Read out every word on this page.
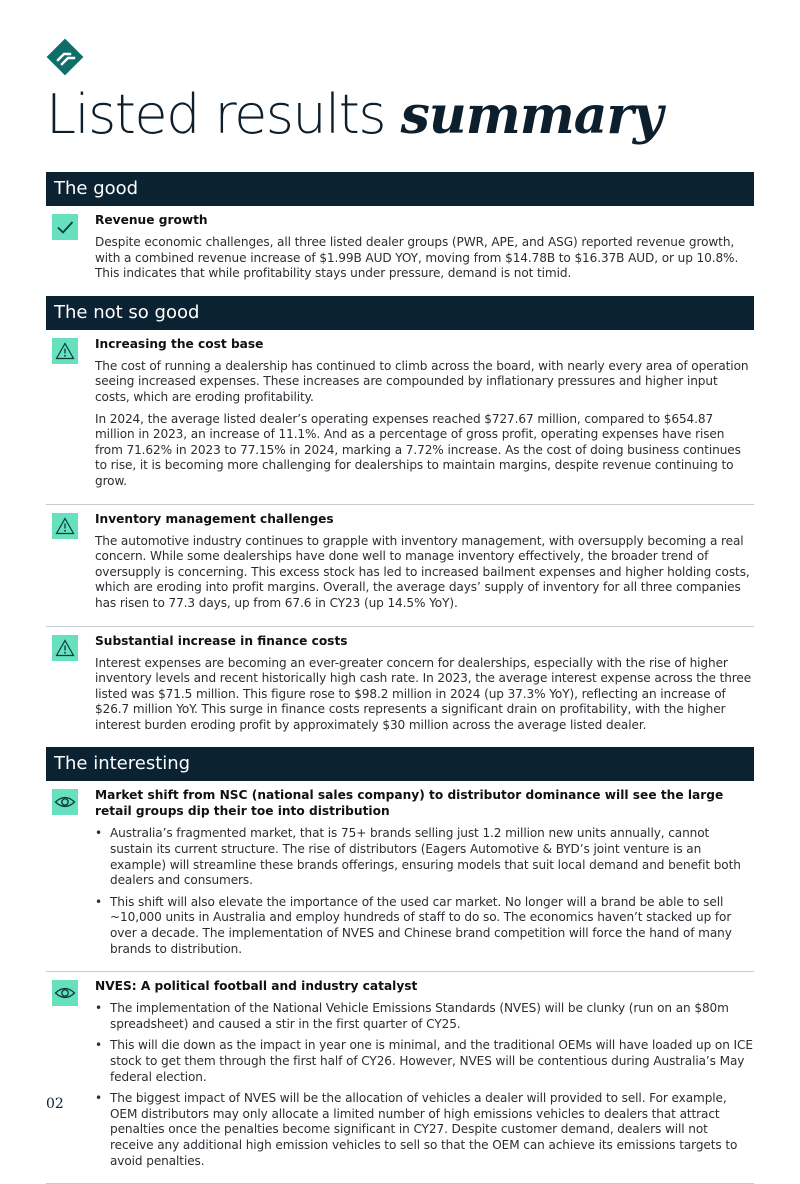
Listed results summary
The good
Revenue growth

Despite economic challenges, all three listed dealer groups (PWR, APE, and ASG) reported revenue growth, with a combined revenue increase of $1.99B AUD YOY, moving from $14.78B to $16.37B AUD, or up 10.8%. This indicates that while profitability stays under pressure, demand is not timid.

The not so good
Increasing the cost base

The cost of running a dealership has continued to climb across the board, with nearly every area of operation seeing increased expenses. These increases are compounded by inflationary pressures and higher input costs, which are eroding profitability.

In 2024, the average listed dealer’s operating expenses reached $727.67 million, compared to $654.87 million in 2023, an increase of 11.1%. And as a percentage of gross profit, operating expenses have risen from 71.62% in 2023 to 77.15% in 2024, marking a 7.72% increase. As the cost of doing business continues to rise, it is becoming more challenging for dealerships to maintain margins, despite revenue continuing to grow.

Inventory management challenges

The automotive industry continues to grapple with inventory management, with oversupply becoming a real concern. While some dealerships have done well to manage inventory effectively, the broader trend of oversupply is concerning. This excess stock has led to increased bailment expenses and higher holding costs, which are eroding into profit margins. Overall, the average days’ supply of inventory for all three companies has risen to 77.3 days, up from 67.6 in CY23 (up 14.5% YoY).

Substantial increase in finance costs

Interest expenses are becoming an ever-greater concern for dealerships, especially with the rise of higher inventory levels and recent historically high cash rate. In 2023, the average interest expense across the three listed was $71.5 million. This figure rose to $98.2 million in 2024 (up 37.3% YoY), reflecting an increase of $26.7 million YoY. This surge in finance costs represents a significant drain on profitability, with the higher interest burden eroding profit by approximately $30 million across the average listed dealer.

The interesting
Market shift from NSC (national sales company) to distributor dominance will see the large retail groups dip their toe into distribution
• Australia’s fragmented market, that is 75+ brands selling just 1.2 million new units annually, cannot sustain its current structure. The rise of distributors (Eagers Automotive & BYD’s joint venture is an example) will streamline these brands offerings, ensuring models that suit local demand and benefit both dealers and consumers.
• This shift will also elevate the importance of the used car market. No longer will a brand be able to sell ~10,000 units in Australia and employ hundreds of staff to do so. The economics haven’t stacked up for over a decade. The implementation of NVES and Chinese brand competition will force the hand of many brands to distribution.
NVES: A political football and industry catalyst
• The implementation of the National Vehicle Emissions Standards (NVES) will be clunky (run on an $80m spreadsheet) and caused a stir in the first quarter of CY25.
• This will die down as the impact in year one is minimal, and the traditional OEMs will have loaded up on ICE stock to get them through the first half of CY26. However, NVES will be contentious during Australia’s May federal election.
• The biggest impact of NVES will be the allocation of vehicles a dealer will provided to sell. For example, OEM distributors may only allocate a limited number of high emissions vehicles to dealers that attract penalties once the penalties become significant in CY27. Despite customer demand, dealers will not receive any additional high emission vehicles to sell so that the OEM can achieve its emissions targets to avoid penalties.
02
